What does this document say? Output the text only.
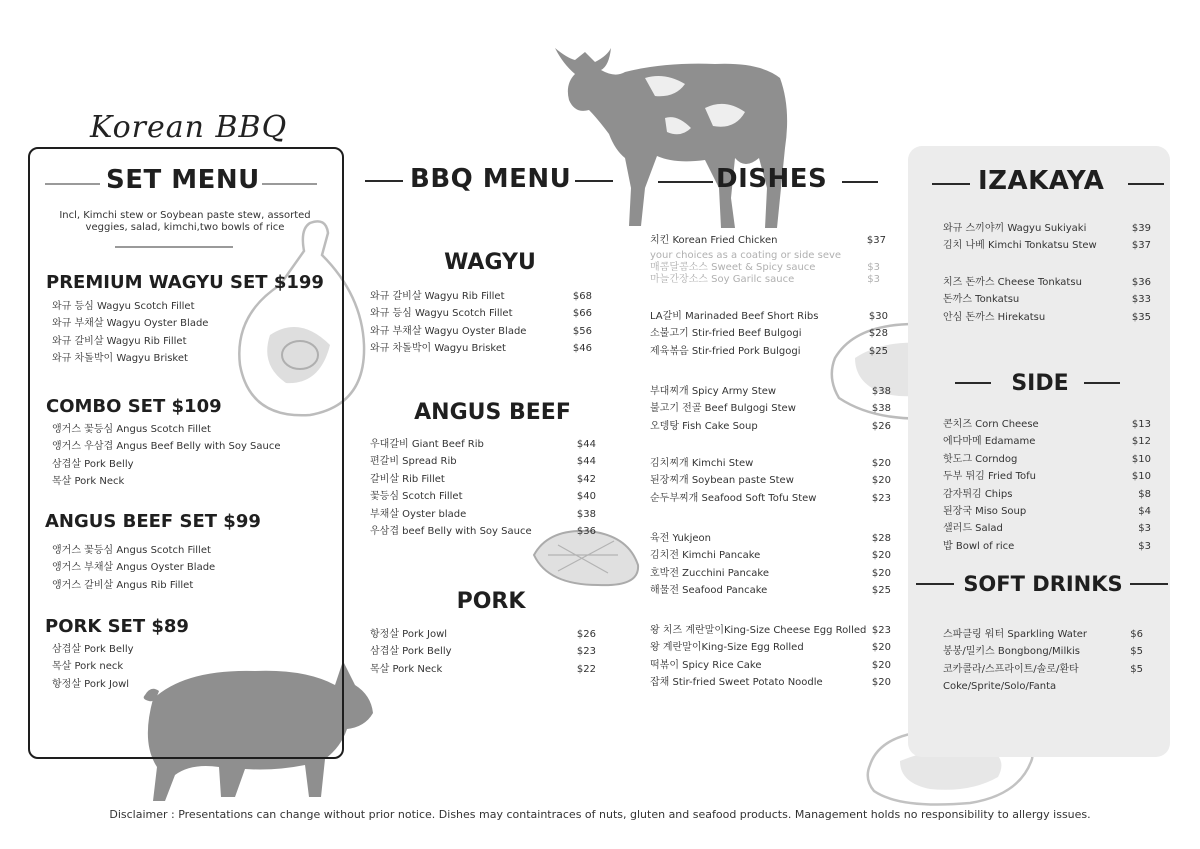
Korean BBQ
SET MENU
Incl, Kimchi stew or Soybean paste stew, assorted veggies, salad, kimchi,two bowls of rice
PREMIUM WAGYU SET $199
와규 등심 Wagyu Scotch Fillet
와규 부채살 Wagyu Oyster Blade
와규 갈비살 Wagyu Rib Fillet
와규 차돌박이 Wagyu Brisket
COMBO SET $109
앵거스 꽃등심 Angus Scotch Fillet
앵거스 우삼겹 Angus Beef Belly with Soy Sauce
삼겹살 Pork Belly
목살 Pork Neck
ANGUS BEEF SET $99
앵거스 꽃등심 Angus Scotch Fillet
앵거스 부채살 Angus Oyster Blade
앵거스 갈비살 Angus Rib Fillet
PORK SET $89
삼겹살 Pork Belly
목살 Pork neck
항정살 Pork Jowl
BBQ MENU
WAGYU
와규 갈비살 Wagyu Rib Fillet	$68
와규 등심 Wagyu Scotch Fillet	$66
와규 부채살 Wagyu Oyster Blade	$56
와규 차돌박이 Wagyu Brisket	$46
ANGUS BEEF
우대갈비 Giant Beef Rib	$44
편갈비 Spread Rib	$44
갈비살 Rib Fillet	$42
꽃등심 Scotch Fillet	$40
부채살 Oyster blade	$38
우삼겹 beef Belly with Soy Sauce	$36
PORK
항정살 Pork Jowl	$26
삼겹살 Pork Belly	$23
목살 Pork Neck	$22
DISHES
치킨 Korean Fried Chicken	$37
your choices as a coating or side seve
매콤달콤소스 Sweet & Spicy sauce	$3
마늘간장소스 Soy Garilc sauce	$3
LA갈비 Marinaded Beef Short Ribs	$30
소불고기 Stir-fried Beef Bulgogi	$28
제육볶음 Stir-fried Pork Bulgogi	$25
부대찌개 Spicy Army Stew	$38
불고기 전골 Beef Bulgogi Stew	$38
오뎅탕 Fish Cake Soup	$26
김치찌개 Kimchi Stew	$20
된장찌개 Soybean paste Stew	$20
순두부찌개 Seafood Soft Tofu Stew	$23
육전 Yukjeon	$28
김치전 Kimchi Pancake	$20
호박전 Zucchini Pancake	$20
해물전 Seafood Pancake	$25
왕 치즈 계란말이King-Size Cheese Egg Rolled $23
왕 계란말이King-Size Egg Rolled	$20
떡볶이 Spicy Rice Cake	$20
잡채 Stir-fried Sweet Potato Noodle	$20
IZAKAYA
와규 스끼야끼 Wagyu Sukiyaki	$39
김치 나베 Kimchi Tonkatsu Stew	$37
치즈 돈까스 Cheese Tonkatsu	$36
돈까스 Tonkatsu	$33
안심 돈까스 Hirekatsu	$35
SIDE
콘치즈 Corn Cheese	$13
에다마메 Edamame	$12
핫도그 Corndog	$10
두부 튀김 Fried Tofu	$10
감자튀김 Chips	$8
된장국 Miso Soup	$4
샐러드 Salad	$3
밥 Bowl of rice	$3
SOFT DRINKS
스파클링 워터 Sparkling Water	$6
봉봉/밀키스 Bongbong/Milkis	$5
코카콜라/스프라이트/솔로/환타	$5
Coke/Sprite/Solo/Fanta
Disclaimer : Presentations can change without prior notice. Dishes may containtraces of nuts, gluten and seafood products. Management holds no responsibility to allergy issues.
